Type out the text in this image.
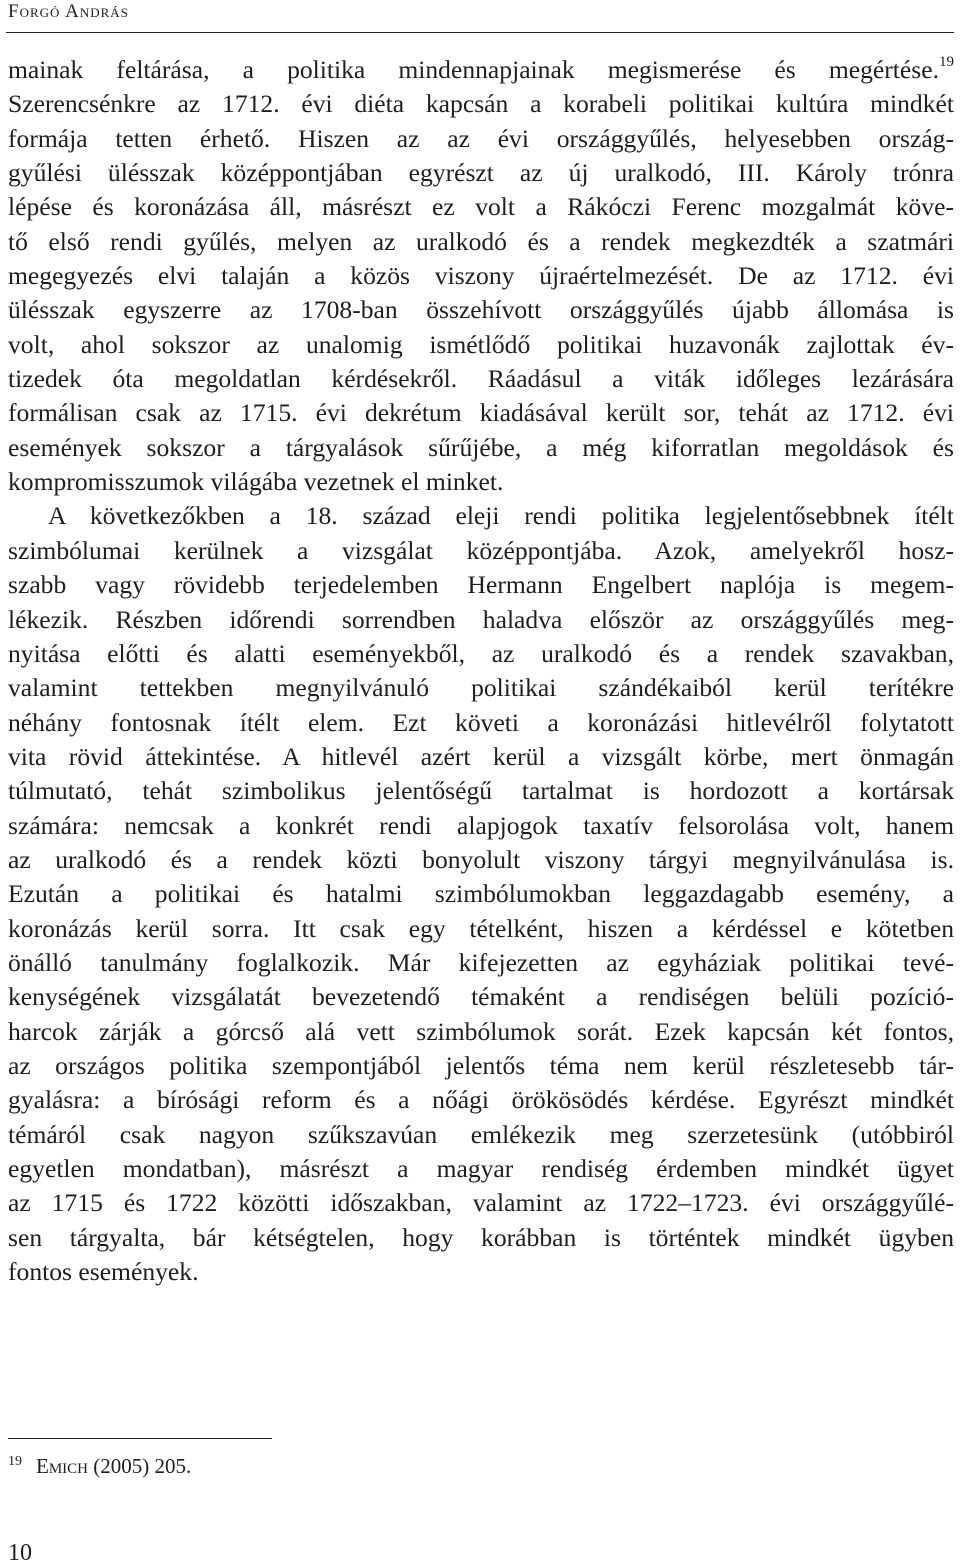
Forgó András
mainak feltárása, a politika mindennapjainak megismerése és megértése.$^{19}$
Szerencsénkre az 1712. évi diéta kapcsán a korabeli politikai kultúra mindkét
formája tetten érhető. Hiszen az az évi országgyűlés, helyesebben ország-
gyűlési ülésszak középpontjában egyrészt az új uralkodó, III. Károly trónra
lépése és koronázása áll, másrészt ez volt a Rákóczi Ferenc mozgalmát köve-
tő első rendi gyűlés, melyen az uralkodó és a rendek megkezdték a szatmári
megegyezés elvi talaján a közös viszony újraértelmezését. De az 1712. évi
ülésszak egyszerre az 1708-ban összehívott országgyűlés újabb állomása is
volt, ahol sokszor az unalomig ismétlődő politikai huzavonák zajlottak év-
tizedek óta megoldatlan kérdésekről. Ráadásul a viták időleges lezárására
formálisan csak az 1715. évi dekrétum kiadásával került sor, tehát az 1712. évi
események sokszor a tárgyalások sűrűjébe, a még kiforratlan megoldások és
kompromisszumok világába vezetnek el minket.
A következőkben a 18. század eleji rendi politika legjelentősebbnek ítélt
szimbólumai kerülnek a vizsgálat középpontjába. Azok, amelyekről hosz-
szabb vagy rövidebb terjedelemben Hermann Engelbert naplója is megem-
lékezik. Részben időrendi sorrendben haladva először az országgyűlés meg-
nyitása előtti és alatti eseményekből, az uralkodó és a rendek szavakban,
valamint tettekben megnyilvánuló politikai szándékaiból kerül terítékre
néhány fontosnak ítélt elem. Ezt követi a koronázási hitlevélről folytatott
vita rövid áttekintése. A hitlevél azért kerül a vizsgált körbe, mert önmagán
túlmutató, tehát szimbolikus jelentőségű tartalmat is hordozott a kortársak
számára: nemcsak a konkrét rendi alapjogok taxatív felsorolása volt, hanem
az uralkodó és a rendek közti bonyolult viszony tárgyi megnyilvánulása is.
Ezután a politikai és hatalmi szimbólumokban leggazdagabb esemény, a
koronázás kerül sorra. Itt csak egy tételként, hiszen a kérdéssel e kötetben
önálló tanulmány foglalkozik. Már kifejezetten az egyháziak politikai tevé-
kenységének vizsgálatát bevezetendő témaként a rendiségen belüli pozíció-
harcok zárják a górcső alá vett szimbólumok sorát. Ezek kapcsán két fontos,
az országos politika szempontjából jelentős téma nem kerül részletesebb tár-
gyalásra: a bírósági reform és a nőági örökösödés kérdése. Egyrészt mindkét
témáról csak nagyon szűkszavúan emlékezik meg szerzetesünk (utóbbiról
egyetlen mondatban), másrészt a magyar rendiség érdemben mindkét ügyet
az 1715 és 1722 közötti időszakban, valamint az 1722–1723. évi országgyűlé-
sen tárgyalta, bár kétségtelen, hogy korábban is történtek mindkét ügyben
fontos események.
$^{19}$ Emich (2005) 205.
10
